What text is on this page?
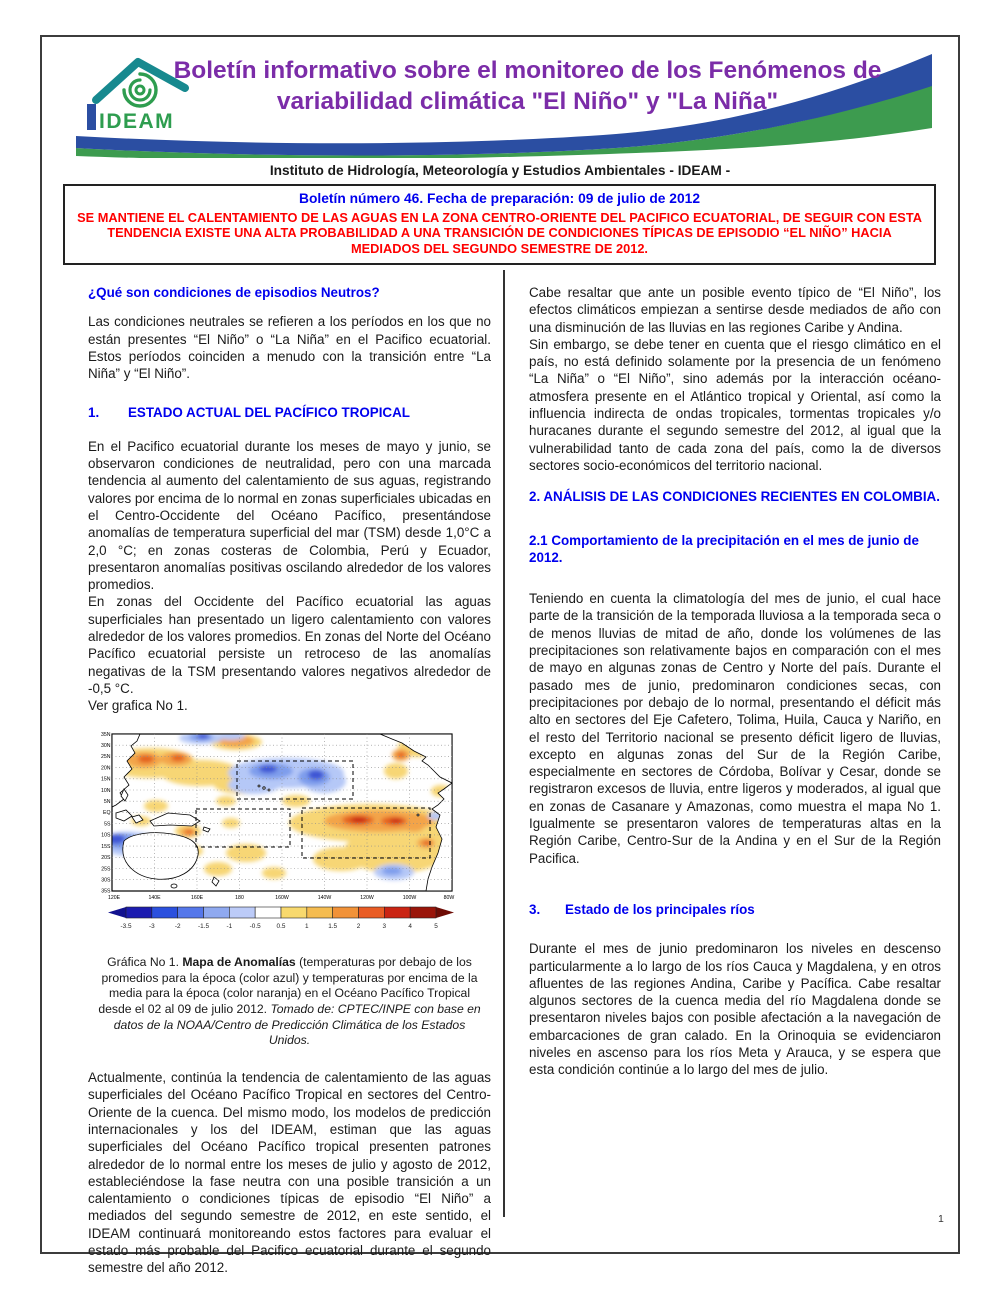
IDEAM
Boletín informativo sobre el monitoreo de los Fenómenos de
variabilidad climática "El Niño" y "La Niña"
Instituto de Hidrología, Meteorología y Estudios Ambientales - IDEAM -
Boletín número 46. Fecha de preparación: 09 de julio de 2012
SE MANTIENE EL CALENTAMIENTO DE LAS AGUAS EN LA ZONA CENTRO-ORIENTE DEL PACIFICO ECUATORIAL, DE SEGUIR CON ESTA TENDENCIA EXISTE UNA ALTA PROBABILIDAD A UNA TRANSICIÓN DE CONDICIONES TÍPICAS DE EPISODIO “EL NIÑO” HACIA MEDIADOS DEL SEGUNDO SEMESTRE DE 2012.

¿Qué son condiciones de episodios Neutros?

Las condiciones neutrales se refieren a los períodos en los que no están presentes “El Niño” o “La Niña” en el Pacifico ecuatorial. Estos períodos coinciden a menudo con la transición entre “La Niña” y “El Niño”.

1. ESTADO ACTUAL DEL PACÍFICO TROPICAL

En el Pacifico ecuatorial durante los meses de mayo y junio, se observaron condiciones de neutralidad, pero con una marcada tendencia al aumento del calentamiento de sus aguas, registrando valores por encima de lo normal en zonas superficiales ubicadas en el Centro-Occidente del Océano Pacífico, presentándose anomalías de temperatura superficial del mar (TSM) desde 1,0°C a 2,0 °C; en zonas costeras de Colombia, Perú y Ecuador, presentaron anomalías positivas oscilando alrededor de los valores promedios.

En zonas del Occidente del Pacífico ecuatorial las aguas superficiales han presentado un ligero calentamiento con valores alrededor de los valores promedios. En zonas del Norte del Océano Pacífico ecuatorial persiste un retroceso de las anomalías negativas de la TSM presentando valores negativos alrededor de -0,5 °C.

Ver grafica No 1.

35N
30N
25N
20N
15N
10N
5N
EQ
5S
10S
15S
20S
25S
30S
35S
120E	140E	160E	180	160W	140W	120W	100W	80W
-3.5	-3	-2	-1.5	-1	-0.5 0.5	1	1.5	2	3	4	5

Gráfica No 1. Mapa de Anomalías (temperaturas por debajo de los promedios para la época (color azul) y temperaturas por encima de la media para la época (color naranja) en el Océano Pacífico Tropical desde el 02 al 09 de julio 2012. Tomado de: CPTEC/INPE con base en datos de la NOAA/Centro de Predicción Climática de los Estados Unidos.

Actualmente, continúa la tendencia de calentamiento de las aguas superficiales del Océano Pacífico Tropical en sectores del Centro-Oriente de la cuenca. Del mismo modo, los modelos de predicción internacionales y los del IDEAM, estiman que las aguas superficiales del Océano Pacífico tropical presenten patrones alrededor de lo normal entre los meses de julio y agosto de 2012, estableciéndose la fase neutra con una posible transición a un calentamiento o condiciones típicas de episodio “El Niño” a mediados del segundo semestre de 2012, en este sentido, el IDEAM continuará monitoreando estos factores para evaluar el estado más probable del Pacifico ecuatorial durante el segundo semestre del año 2012.

Cabe resaltar que ante un posible evento típico de “El Niño”, los efectos climáticos empiezan a sentirse desde mediados de año con una disminución de las lluvias en las regiones Caribe y Andina.

Sin embargo, se debe tener en cuenta que el riesgo climático en el país, no está definido solamente por la presencia de un fenómeno “La Niña” o “El Niño”, sino además por la interacción océano-atmosfera presente en el Atlántico tropical y Oriental, así como la influencia indirecta de ondas tropicales, tormentas tropicales y/o huracanes durante el segundo semestre del 2012, al igual que la vulnerabilidad tanto de cada zona del país, como la de diversos sectores socio-económicos del territorio nacional.

2. ANÁLISIS DE LAS CONDICIONES RECIENTES EN COLOMBIA.

2.1 Comportamiento de la precipitación en el mes de junio de 2012.

Teniendo en cuenta la climatología del mes de junio, el cual hace parte de la transición de la temporada lluviosa a la temporada seca o de menos lluvias de mitad de año, donde los volúmenes de las precipitaciones son relativamente bajos en comparación con el mes de mayo en algunas zonas de Centro y Norte del país. Durante el pasado mes de junio, predominaron condiciones secas, con precipitaciones por debajo de lo normal, presentando el déficit más alto en sectores del Eje Cafetero, Tolima, Huila, Cauca y Nariño, en el resto del Territorio nacional se presento déficit ligero de lluvias, excepto en algunas zonas del Sur de la Región Caribe, especialmente en sectores de Córdoba, Bolívar y Cesar, donde se registraron excesos de lluvia, entre ligeros y moderados, al igual que en zonas de Casanare y Amazonas, como muestra el mapa No 1. Igualmente se presentaron valores de temperaturas altas en la Región Caribe, Centro-Sur de la Andina y en el Sur de la Región Pacifica.

3. Estado de los principales ríos

Durante el mes de junio predominaron los niveles en descenso particularmente a lo largo de los ríos Cauca y Magdalena, y en otros afluentes de las regiones Andina, Caribe y Pacífica. Cabe resaltar algunos sectores de la cuenca media del río Magdalena donde se presentaron niveles bajos con posible afectación a la navegación de embarcaciones de gran calado. En la Orinoquia se evidenciaron niveles en ascenso para los ríos Meta y Arauca, y se espera que esta condición continúe a lo largo del mes de julio.

1
